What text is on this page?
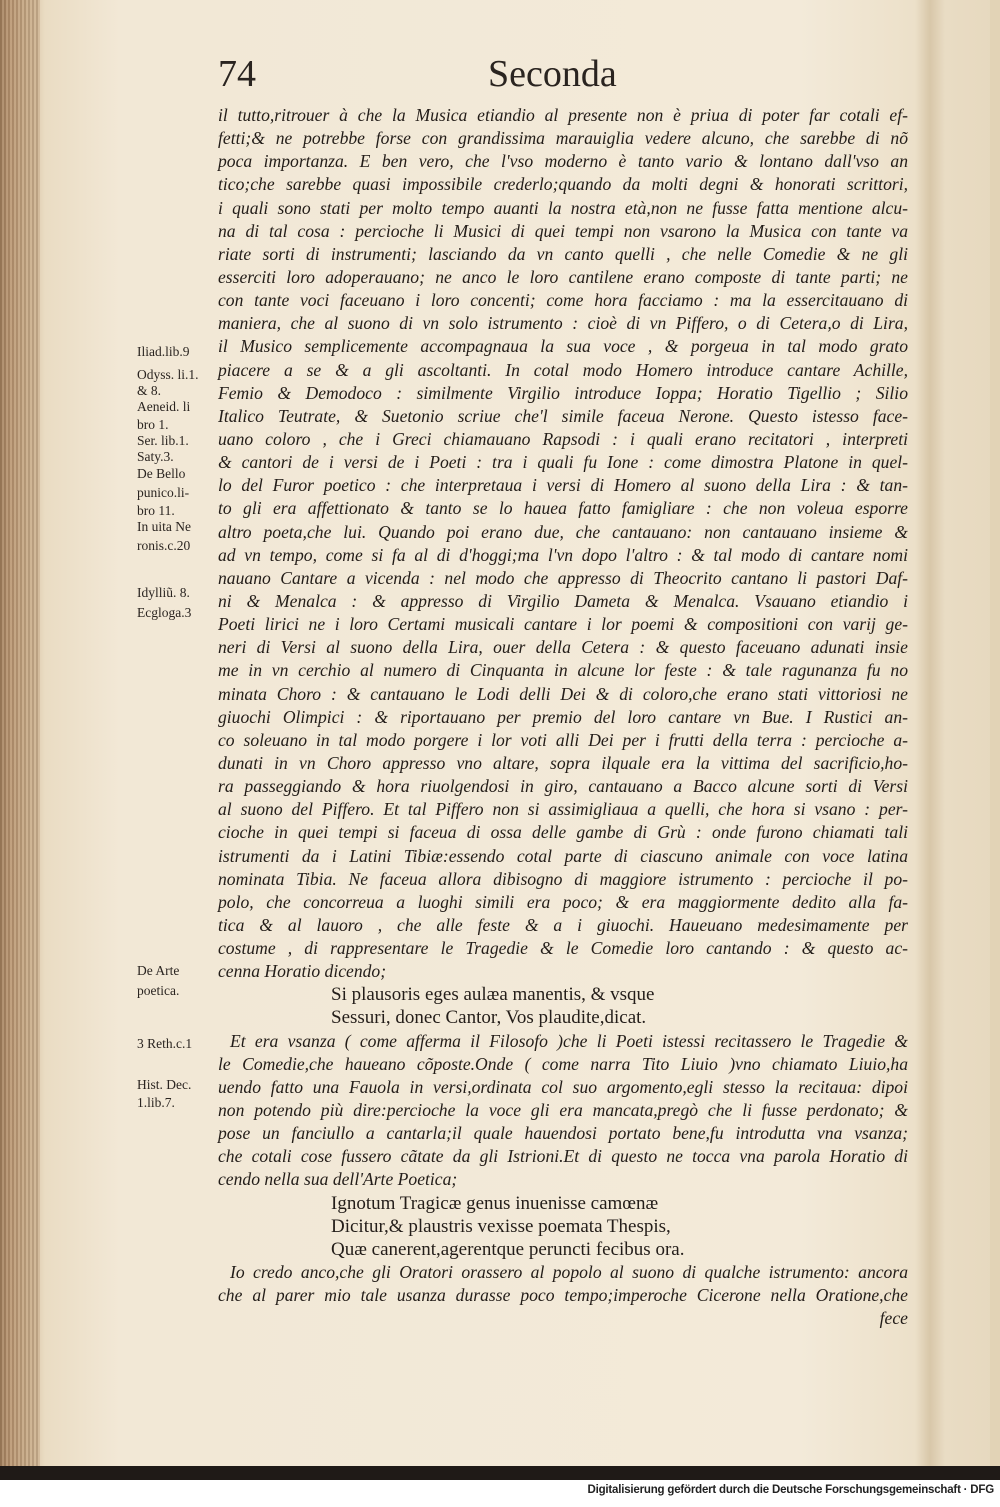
74	Seconda
il tutto,ritrouer à che la Musica etiandio al presente non è priua di poter far cotali ef-
fetti;& ne potrebbe forse con grandissima marauiglia vedere alcuno, che sarebbe di nõ
poca importanza. E ben vero, che l'vso moderno è tanto vario & lontano dall'vso an
tico;che sarebbe quasi impossibile crederlo;quando da molti degni & honorati scrittori,
i quali sono stati per molto tempo auanti la nostra età,non ne fusse fatta mentione alcu-
na di tal cosa : percioche li Musici di quei tempi non vsarono la Musica con tante va
riate sorti di instrumenti; lasciando da vn canto quelli , che nelle Comedie & ne gli
esserciti loro adoperauano; ne anco le loro cantilene erano composte di tante parti; ne
con tante voci faceuano i loro concenti; come hora facciamo : ma la essercitauano di
maniera, che al suono di vn solo istrumento : cioè di vn Piffero, o di Cetera,o di Lira,
il Musico semplicemente accompagnaua la sua voce , & porgeua in tal modo grato
piacere a se & a gli ascoltanti. In cotal modo Homero introduce cantare Achille,
Femio & Demodoco : similmente Virgilio introduce Ioppa; Horatio Tigellio ; Silio
Italico Teutrate, & Suetonio scriue che'l simile faceua Nerone. Questo istesso face-
uano coloro , che i Greci chiamauano Rapsodi : i quali erano recitatori , interpreti
& cantori de i versi de i Poeti : tra i quali fu Ione : come dimostra Platone in quel-
lo del Furor poetico : che interpretaua i versi di Homero al suono della Lira : & tan-
to gli era affettionato & tanto se lo hauea fatto famigliare : che non voleua esporre
altro poeta,che lui. Quando poi erano due, che cantauano: non cantauano insieme &
ad vn tempo, come si fa al di d'hoggi;ma l'vn dopo l'altro : & tal modo di cantare nomi
nauano Cantare a vicenda : nel modo che appresso di Theocrito cantano li pastori Daf-
ni & Menalca : & appresso di Virgilio Dameta & Menalca. Vsauano etiandio i
Poeti lirici ne i loro Certami musicali cantare i lor poemi & compositioni con varij ge-
neri di Versi al suono della Lira, ouer della Cetera : & questo faceuano adunati insie
me in vn cerchio al numero di Cinquanta in alcune lor feste : & tale ragunanza fu no
minata Choro : & cantauano le Lodi delli Dei & di coloro,che erano stati vittoriosi ne
giuochi Olimpici : & riportauano per premio del loro cantare vn Bue. I Rustici an-
co soleuano in tal modo porgere i lor voti alli Dei per i frutti della terra : percioche a-
dunati in vn Choro appresso vno altare, sopra ilquale era la vittima del sacrificio,ho-
ra passeggiando & hora riuolgendosi in giro, cantauano a Bacco alcune sorti di Versi
al suono del Piffero. Et tal Piffero non si assimigliaua a quelli, che hora si vsano : per-
cioche in quei tempi si faceua di ossa delle gambe di Grù : onde furono chiamati tali
istrumenti da i Latini Tibiæ:essendo cotal parte di ciascuno animale con voce latina
nominata Tibia. Ne faceua allora dibisogno di maggiore istrumento : percioche il po-
polo, che concorreua a luoghi simili era poco; & era maggiormente dedito alla fa-
tica & al lauoro , che alle feste & a i giuochi. Haueuano medesimamente per
costume , di rappresentare le Tragedie & le Comedie loro cantando : & questo ac-
cenna Horatio dicendo;
Si plausoris eges aulæa manentis, & vsque
Sessuri, donec Cantor, Vos plaudite,dicat.
Et era vsanza ( come afferma il Filosofo )che li Poeti istessi recitassero le Tragedie &
le Comedie,che haueano cõposte.Onde ( come narra Tito Liuio )vno chiamato Liuio,ha
uendo fatto una Fauola in versi,ordinata col suo argomento,egli stesso la recitaua: dipoi
non potendo più dire:percioche la voce gli era mancata,pregò che li fusse perdonato; &
pose un fanciullo a cantarla;il quale hauendosi portato bene,fu introdutta vna vsanza;
che cotali cose fussero cãtate da gli Istrioni.Et di questo ne tocca vna parola Horatio di
cendo nella sua dell'Arte Poetica;
Ignotum Tragicæ genus inuenisse camœnæ
Dicitur,& plaustris vexisse poemata Thespis,
Quæ canerent,agerentque peruncti fecibus ora.
Io credo anco,che gli Oratori orassero al popolo al suono di qualche istrumento: ancora
che al parer mio tale usanza durasse poco tempo;imperoche Cicerone nella Oratione,che
fece
Iliad.lib.9
Odyss. li.1.
& 8.
Aeneid. li
bro 1.
Ser. lib.1.
Saty.3.
De Bello
punico.li-
bro 11.
In uita Ne
ronis.c.20
Idylliũ. 8.
Ecgloga.3
De Arte
poetica.
3 Reth.c.1
Hist. Dec.
1.lib.7.
Digitalisierung gefördert durch die Deutsche Forschungsgemeinschaft · DFG
